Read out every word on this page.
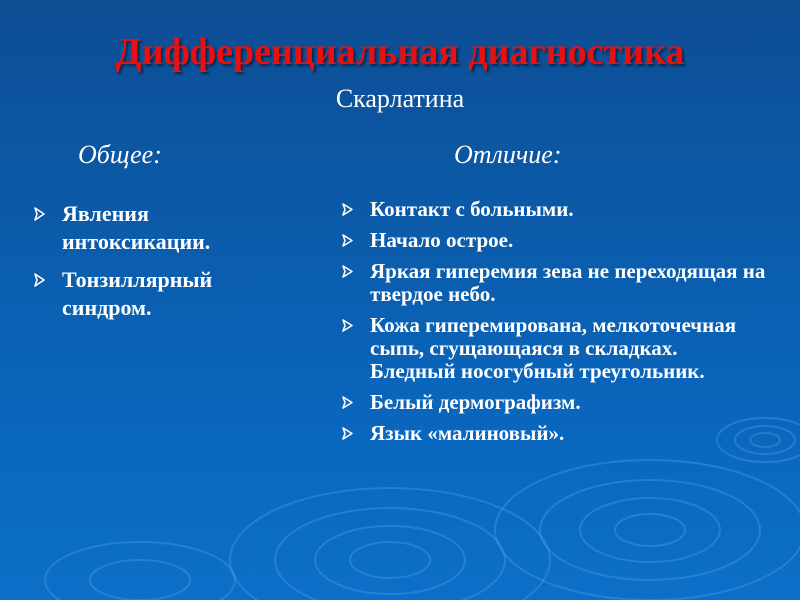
Дифференциальная диагностика
Скарлатина
Общее:	Отличие:
Явления интоксикации.
Тонзиллярный синдром.
Контакт с больными.
Начало острое.
Яркая гиперемия зева не переходящая на твердое небо.
Кожа гиперемирована, мелкоточечная сыпь, сгущающаяся в складках. Бледный носогубный треугольник.
Белый дермографизм.
Язык «малиновый».
